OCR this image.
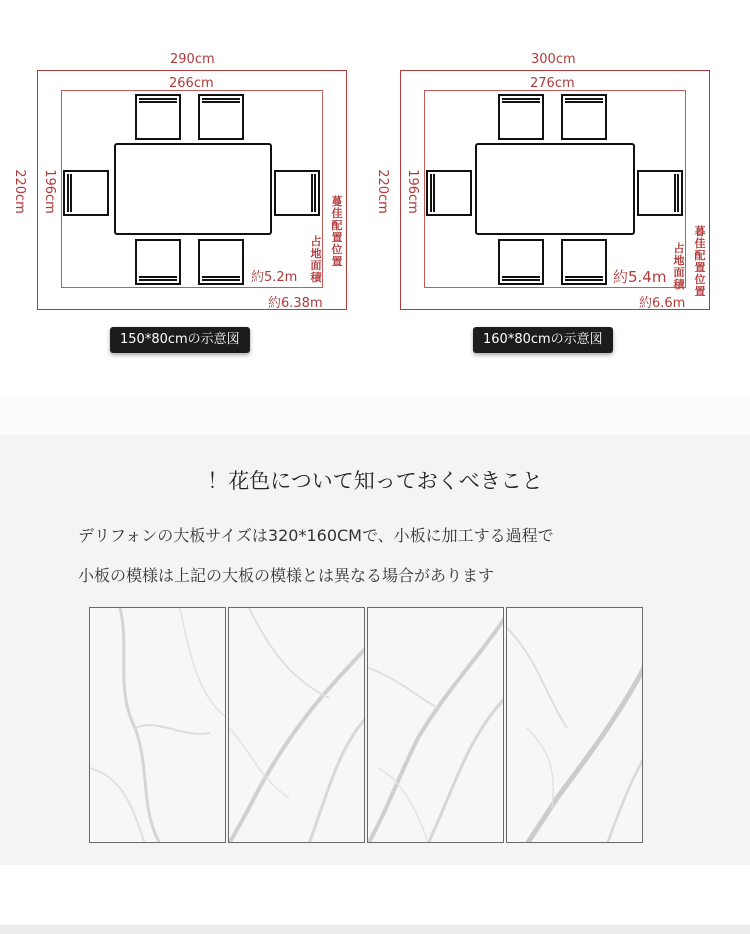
290cm
266cm
220cm 196cm	蔓佳配置位置
占地面積
約5.2m
約6.38m
150*80cmの示意図
300cm
276cm
220cm 196cm
暮佳配置位置
占地面積
約5.4m
約6.6m
160*80cmの示意図
！花色について知っておくべきこと
デリフォンの大板サイズは320*160CMで、小板に加工する過程で
小板の模様は上記の大板の模様とは異なる場合があります
